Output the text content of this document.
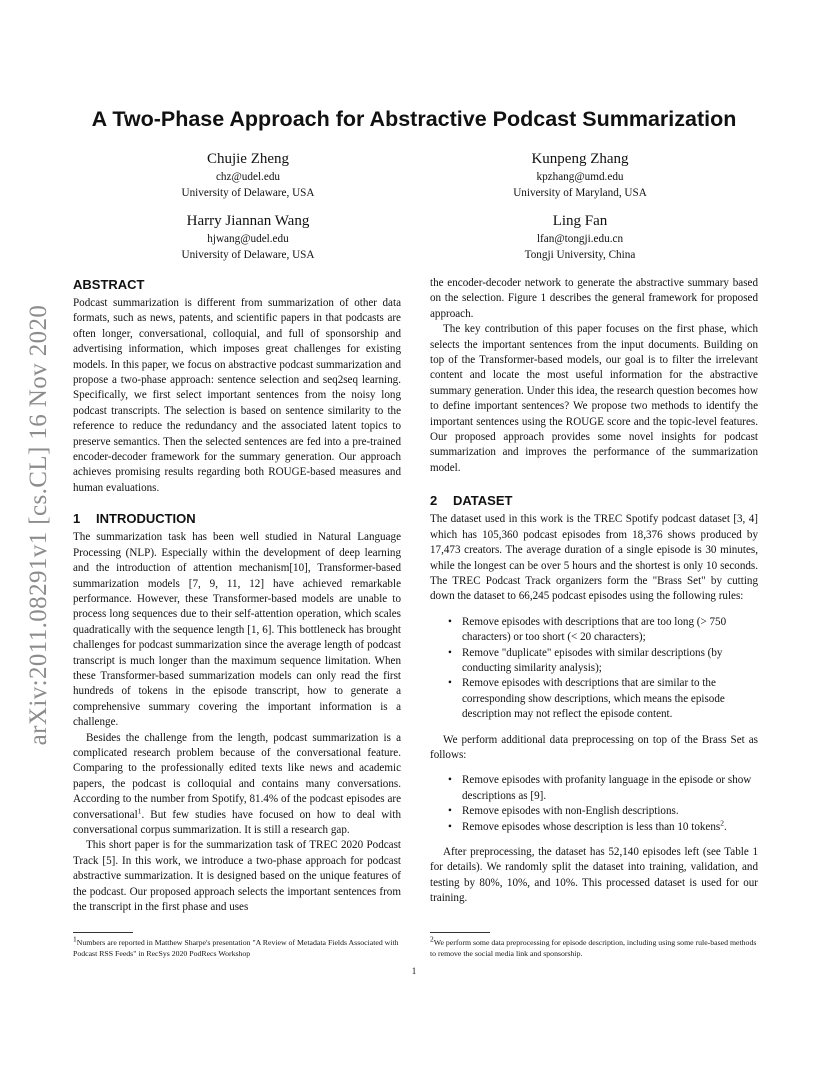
arXiv:2011.08291v1 [cs.CL] 16 Nov 2020
A Two-Phase Approach for Abstractive Podcast Summarization
Chujie Zheng
chz@udel.edu
University of Delaware, USA
Kunpeng Zhang
kpzhang@umd.edu
University of Maryland, USA
Harry Jiannan Wang
hjwang@udel.edu
University of Delaware, USA
Ling Fan
lfan@tongji.edu.cn
Tongji University, China
ABSTRACT

Podcast summarization is different from summarization of other data formats, such as news, patents, and scientific papers in that podcasts are often longer, conversational, colloquial, and full of sponsorship and advertising information, which imposes great challenges for existing models. In this paper, we focus on abstractive podcast summarization and propose a two-phase approach: sentence selection and seq2seq learning. Specifically, we first select important sentences from the noisy long podcast transcripts. The selection is based on sentence similarity to the reference to reduce the redundancy and the associated latent topics to preserve semantics. Then the selected sentences are fed into a pre-trained encoder-decoder framework for the summary generation. Our approach achieves promising results regarding both ROUGE-based measures and human evaluations.

1 INTRODUCTION

The summarization task has been well studied in Natural Language Processing (NLP). Especially within the development of deep learning and the introduction of attention mechanism[10], Transformer-based summarization models [7, 9, 11, 12] have achieved remarkable performance. However, these Transformer-based models are unable to process long sequences due to their self-attention operation, which scales quadratically with the sequence length [1, 6]. This bottleneck has brought challenges for podcast summarization since the average length of podcast transcript is much longer than the maximum sequence limitation. When these Transformer-based summarization models can only read the first hundreds of tokens in the episode transcript, how to generate a comprehensive summary covering the important information is a challenge.

Besides the challenge from the length, podcast summarization is a complicated research problem because of the conversational feature. Comparing to the professionally edited texts like news and academic papers, the podcast is colloquial and contains many conversations. According to the number from Spotify, 81.4% of the podcast episodes are conversational$^1$. But few studies have focused on how to deal with conversational corpus summarization. It is still a research gap.

This short paper is for the summarization task of TREC 2020 Podcast Track [5]. In this work, we introduce a two-phase approach for podcast abstractive summarization. It is designed based on the unique features of the podcast. Our proposed approach selects the important sentences from the transcript in the first phase and uses

the encoder-decoder network to generate the abstractive summary based on the selection. Figure 1 describes the general framework for proposed approach.

The key contribution of this paper focuses on the first phase, which selects the important sentences from the input documents. Building on top of the Transformer-based models, our goal is to filter the irrelevant content and locate the most useful information for the abstractive summary generation. Under this idea, the research question becomes how to define important sentences? We propose two methods to identify the important sentences using the ROUGE score and the topic-level features. Our proposed approach provides some novel insights for podcast summarization and improves the performance of the summarization model.

2 DATASET

The dataset used in this work is the TREC Spotify podcast dataset [3, 4] which has 105,360 podcast episodes from 18,376 shows produced by 17,473 creators. The average duration of a single episode is 30 minutes, while the longest can be over 5 hours and the shortest is only 10 seconds. The TREC Podcast Track organizers form the "Brass Set" by cutting down the dataset to 66,245 podcast episodes using the following rules:

• Remove episodes with descriptions that are too long (> 750 characters) or too short (< 20 characters);
• Remove "duplicate" episodes with similar descriptions (by conducting similarity analysis);
• Remove episodes with descriptions that are similar to the corresponding show descriptions, which means the episode description may not reflect the episode content.

We perform additional data preprocessing on top of the Brass Set as follows:

• Remove episodes with profanity language in the episode or show descriptions as [9].
• Remove episodes with non-English descriptions.
• Remove episodes whose description is less than 10 tokens$^2$.

After preprocessing, the dataset has 52,140 episodes left (see Table 1 for details). We randomly split the dataset into training, validation, and testing by 80%, 10%, and 10%. This processed dataset is used for our training.

$^1$Numbers are reported in Matthew Sharpe's presentation "A Review of Metadata Fields Associated with Podcast RSS Feeds" in RecSys 2020 PodRecs Workshop
$^2$We perform some data preprocessing for episode description, including using some rule-based methods to remove the social media link and sponsorship.
1
